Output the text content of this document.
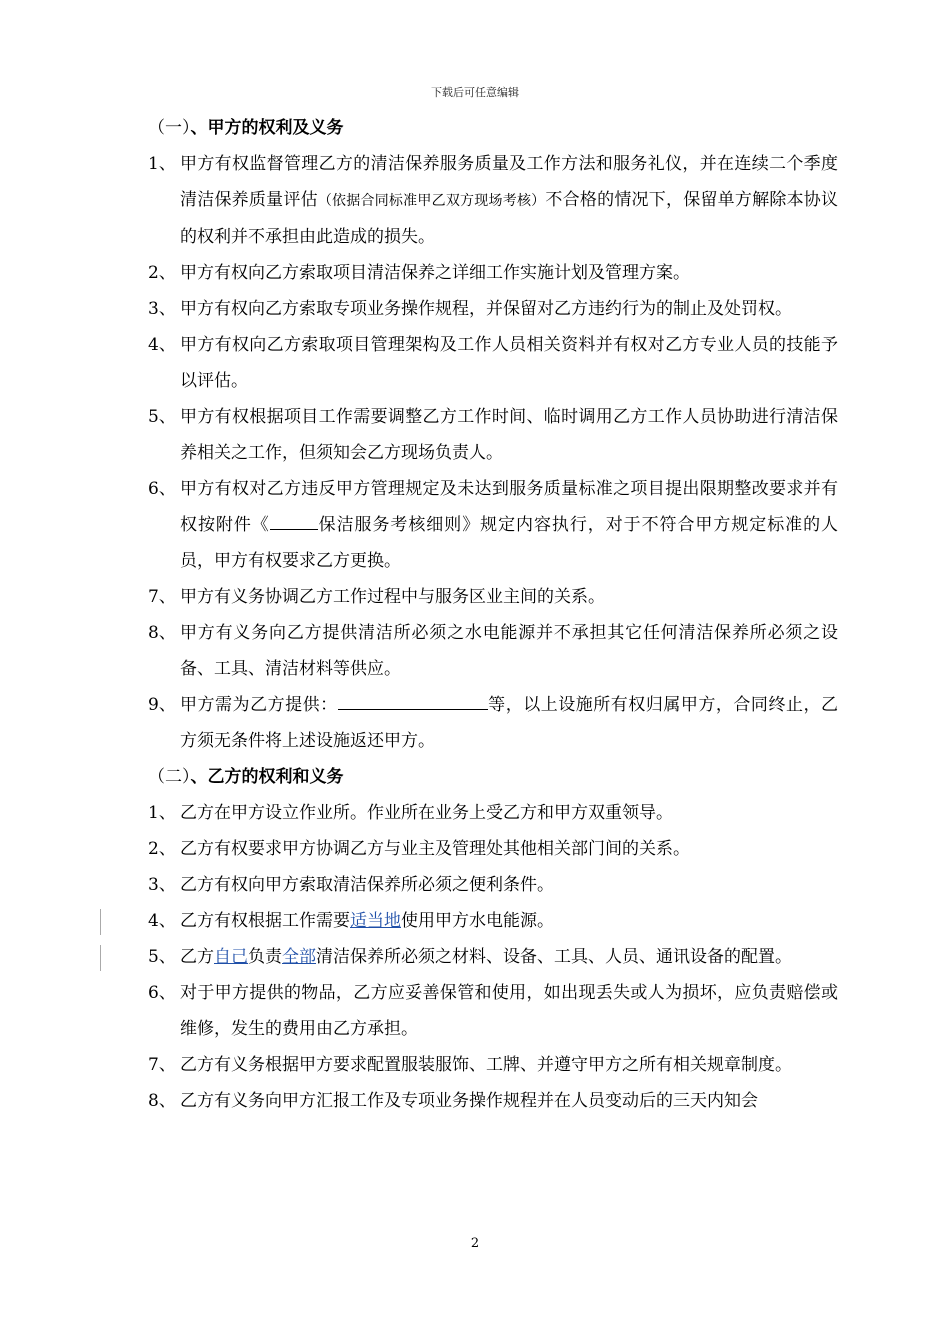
下载后可任意编辑
（一）、甲方的权利及义务
1、 甲方有权监督管理乙方的清洁保养服务质量及工作方法和服务礼仪，并在连续二个季度清洁保养质量评估（依据合同标准甲乙双方现场考核）不合格的情况下，保留单方解除本协议的权利并不承担由此造成的损失。
2、 甲方有权向乙方索取项目清洁保养之详细工作实施计划及管理方案。
3、 甲方有权向乙方索取专项业务操作规程，并保留对乙方违约行为的制止及处罚权。
4、 甲方有权向乙方索取项目管理架构及工作人员相关资料并有权对乙方专业人员的技能予以评估。
5、 甲方有权根据项目工作需要调整乙方工作时间、临时调用乙方工作人员协助进行清洁保养相关之工作，但须知会乙方现场负责人。
6、 甲方有权对乙方违反甲方管理规定及未达到服务质量标准之项目提出限期整改要求并有权按附件《	保洁服务考核细则》规定内容执行，对于不符合甲方规定标准的人员，甲方有权要求乙方更换。
7、 甲方有义务协调乙方工作过程中与服务区业主间的关系。
8、 甲方有义务向乙方提供清洁所必须之水电能源并不承担其它任何清洁保养所必须之设备、工具、清洁材料等供应。
9、 甲方需为乙方提供：	等，以上设施所有权归属甲方，合同终止，乙方须无条件将上述设施返还甲方。
（二）、乙方的权利和义务
1、 乙方在甲方设立作业所。作业所在业务上受乙方和甲方双重领导。
2、 乙方有权要求甲方协调乙方与业主及管理处其他相关部门间的关系。
3、 乙方有权向甲方索取清洁保养所必须之便利条件。
4、 乙方有权根据工作需要适当地使用甲方水电能源。
5、 乙方自己负责全部清洁保养所必须之材料、设备、工具、人员、通讯设备的配置。
6、 对于甲方提供的物品，乙方应妥善保管和使用，如出现丢失或人为损坏，应负责赔偿或维修，发生的费用由乙方承担。
7、 乙方有义务根据甲方要求配置服装服饰、工牌、并遵守甲方之所有相关规章制度。
8、 乙方有义务向甲方汇报工作及专项业务操作规程并在人员变动后的三天内知会
2
